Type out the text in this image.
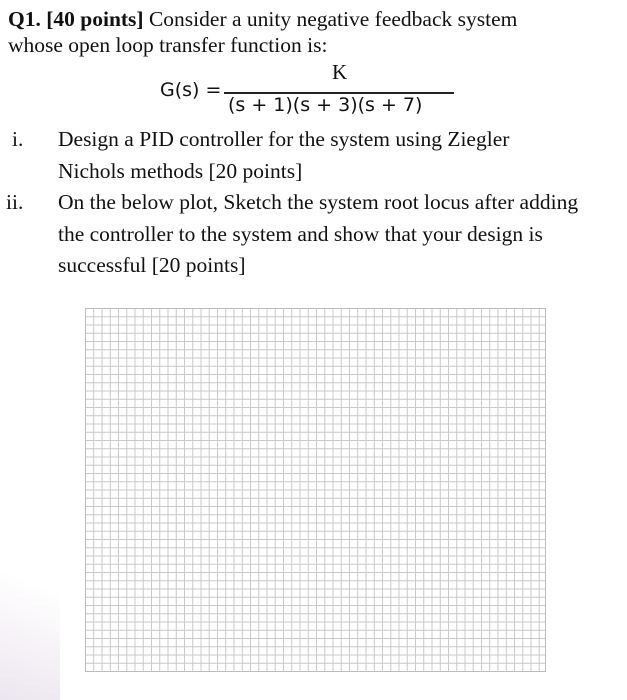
Q1. [40 points] Consider a unity negative feedback system
whose open loop transfer function is:
G(s) =
K
(s + 1)(s + 3)(s + 7)
i. Design a PID controller for the system using Ziegler Nichols methods [20 points]
ii. On the below plot, Sketch the system root locus after adding the controller to the system and show that your design is successful [20 points]
